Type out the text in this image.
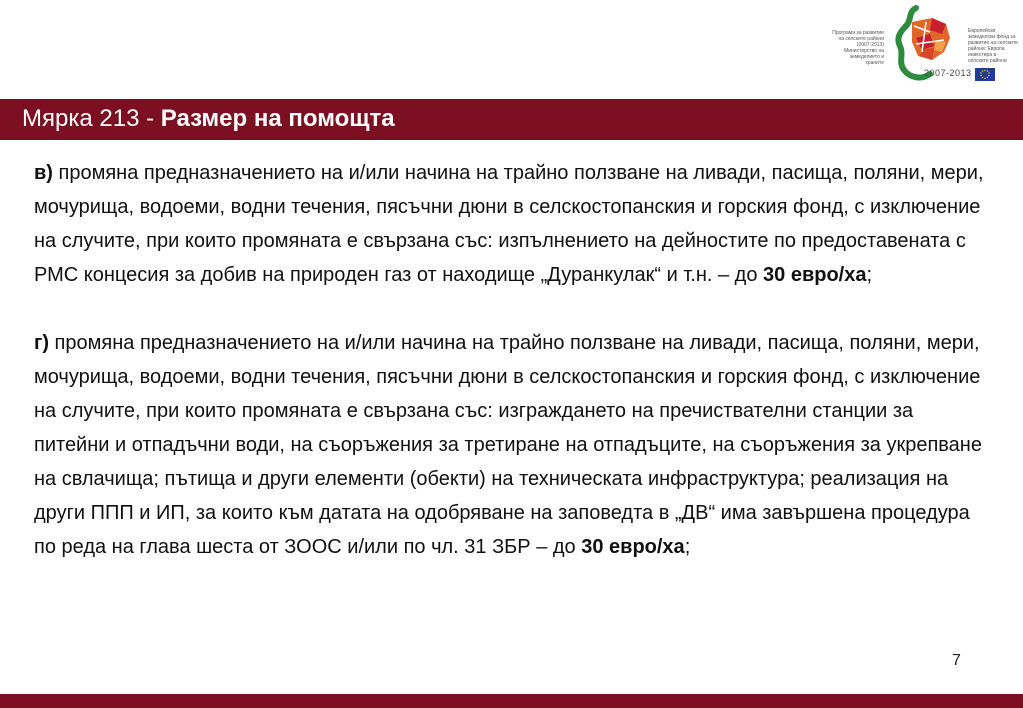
Програма за развитие на селските райони (2007-2013) Министерство на земеделието и храните
2007-2013
Европейски земеделски фонд за развитие на селските райони: Европа инвестира в селските райони
Мярка 213 - Размер на помощта

в) промяна предназначението на и/или начина на трайно ползване на ливади, пасища, поляни, мери, мочурища, водоеми, водни течения, пясъчни дюни в селскостопанския и горския фонд, с изключение на случите, при които промяната е свързана със: изпълнението на дейностите по предоставената с РМС концесия за добив на природен газ от находище „Дуранкулак“ и т.н. – до 30 евро/ха;

г) промяна предназначението на и/или начина на трайно ползване на ливади, пасища, поляни, мери, мочурища, водоеми, водни течения, пясъчни дюни в селскостопанския и горския фонд, с изключение на случите, при които промяната е свързана със: изграждането на пречиствателни станции за питейни и отпадъчни води, на съоръжения за третиране на отпадъците, на съоръжения за укрепване на свлачища; пътища и други елементи (обекти) на техническата инфраструктура; реализация на други ППП и ИП, за които към датата на одобряване на заповедта в „ДВ“ има завършена процедура по реда на глава шеста от ЗООС и/или по чл. 31 ЗБР – до 30 евро/ха;

7
